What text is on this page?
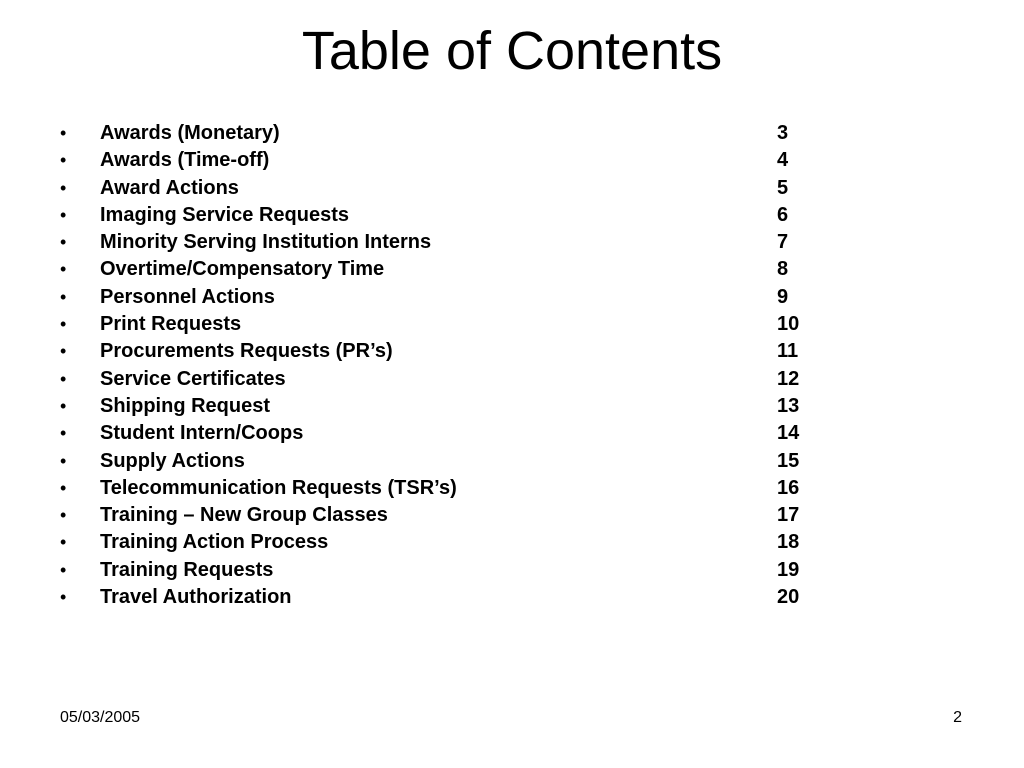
Table of Contents
• Awards (Monetary)	3
• Awards (Time-off)	4
• Award Actions	5
• Imaging Service Requests	6
• Minority Serving Institution Interns	7
• Overtime/Compensatory Time	8
• Personnel Actions	9
• Print Requests	10
• Procurements Requests (PR’s)	11
• Service Certificates	12
• Shipping Request	13
• Student Intern/Coops	14
• Supply Actions	15
• Telecommunication Requests (TSR’s)	16
• Training – New Group Classes	17
• Training Action Process	18
• Training Requests	19
• Travel Authorization	20
05/03/2005	2
